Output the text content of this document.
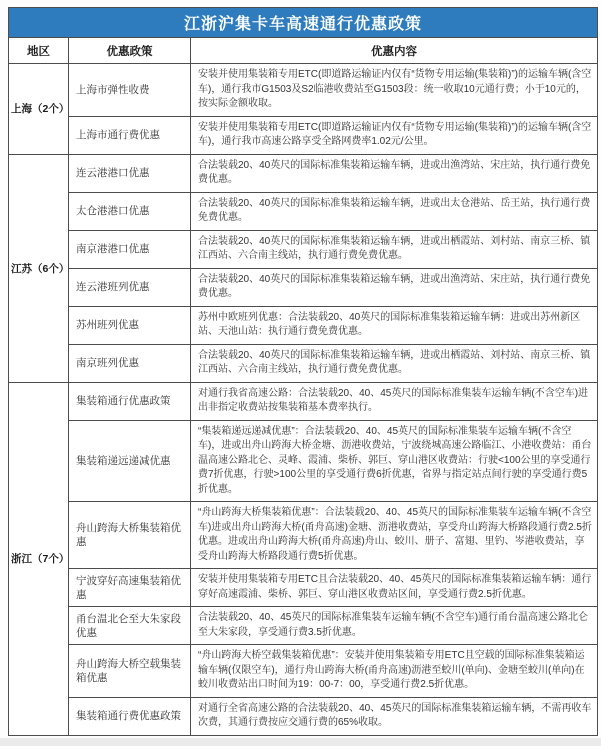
江浙沪集卡车高速通行优惠政策		
地区	优惠政策	优惠内容
上海（2个）	上海市弹性收费	安装并使用集装箱专用ETC(即道路运输证内仅有“货物专用运输(集装箱)”)的运输车辆(含空车)，通行我市G1503及S2临港收费站至G1503段：统一收取10元通行费；小于10元的，按实际金额收取。
	上海市通行费优惠	安装并使用集装箱专用ETC(即道路运输证内仅有“货物专用运输(集装箱)”)的运输车辆(含空车)，通行我市高速公路享受全路网费率1.02元/公里。
江苏（6个）	连云港港口优惠	合法装载20、40英尺的国际标准集装箱运输车辆，进或出渔湾站、宋庄站，执行通行费免费优惠。
	太仓港港口优惠	合法装载20、40英尺的国际标准集装箱运输车辆，进或出太仓港站、岳王站，执行通行费免费优惠。
	南京港港口优惠	合法装载20、40英尺的国际标准集装箱运输车辆，进或出栖霞站、刘村站、南京三桥、镇江西站、六合南主线站，执行通行费免费优惠。
	连云港班列优惠	合法装载20、40英尺的国际标准集装箱运输车辆，进或出渔湾站、宋庄站，执行通行费免费优惠。
	苏州班列优惠	苏州中欧班列优惠：合法装载20、40英尺的国际标准集装箱运输车辆：进或出苏州新区站、天池山站：执行通行费免费优惠。
	南京班列优惠	合法装载20、40英尺的国际标准集装箱运输车辆，进或出栖霞站、刘村站、南京三桥、镇江西站、六合南主线站，执行通行费免费优惠。
浙江（7个）	集装箱通行优惠政策	对通行我省高速公路：合法装载20、40、45英尺的国际标准集装车运输车辆(不含空车)进出非指定收费站按集装箱基本费率执行。
	集装箱递远递减优惠	“集装箱递远递减优惠”：合法装载20、40、45英尺的国际标准集装车运输车辆(不含空车)，进或出舟山跨海大桥金塘、沥港收费站，宁波绕城高速公路临江、小港收费站：甬台温高速公路北仑、灵峰、霞浦、柴桥、郭巨、穿山港区收费站：行驶<100公里的享受通行费7折优惠，行驶>100公里的享受通行费6折优惠，省界与指定站点间行驶的享受通行费5折优惠。
	舟山跨海大桥集装箱优惠	“舟山跨海大桥集装箱优惠”：合法装载20、40、45英尺的国际标准集装车运输车辆(不含空车)进或出舟山跨海大桥(甬舟高速)金塘、沥港收费站，享受舟山跨海大桥路段通行费2.5折优惠。进或出舟山跨海大桥(甬舟高速)舟山、蛟川、册子、富翅、里钓、岑港收费站，享受舟山跨海大桥路段通行费5折优惠。
	宁波穿好高速集装箱优惠	安装并使用集装箱专用ETC且合法装载20、40、45英尺的国际标准集装箱运输车辆：通行穿好高速霞浦、柴桥、郭巨、穿山港区收费站区间，享受通行费2.5折优惠。
	甬台温北仑至大朱家段优惠	合法装载20、40、45英尺的国际标准集装车运输车辆(不含空车)通行甬台温高速公路北仑至大朱家段，享受通行费3.5折优惠。
	舟山跨海大桥空载集装箱优惠	“舟山跨海大桥空载集装箱优惠”：安装并使用集装箱专用ETC且空载的国际标准集装箱运输车辆(仅限空车)，通行舟山跨海大桥(甬舟高速)沥港至蛟川(单向)、金塘至蛟川(单向)在蛟川收费站出口时间为19：00-7：00，享受通行费2.5折优惠。
	集装箱通行费优惠政策	对通行全省高速公路的合法装载20、40、45英尺的国际标准集装箱运输车辆，不需再收车次费，其通行费按应交通行费的65%收取。
